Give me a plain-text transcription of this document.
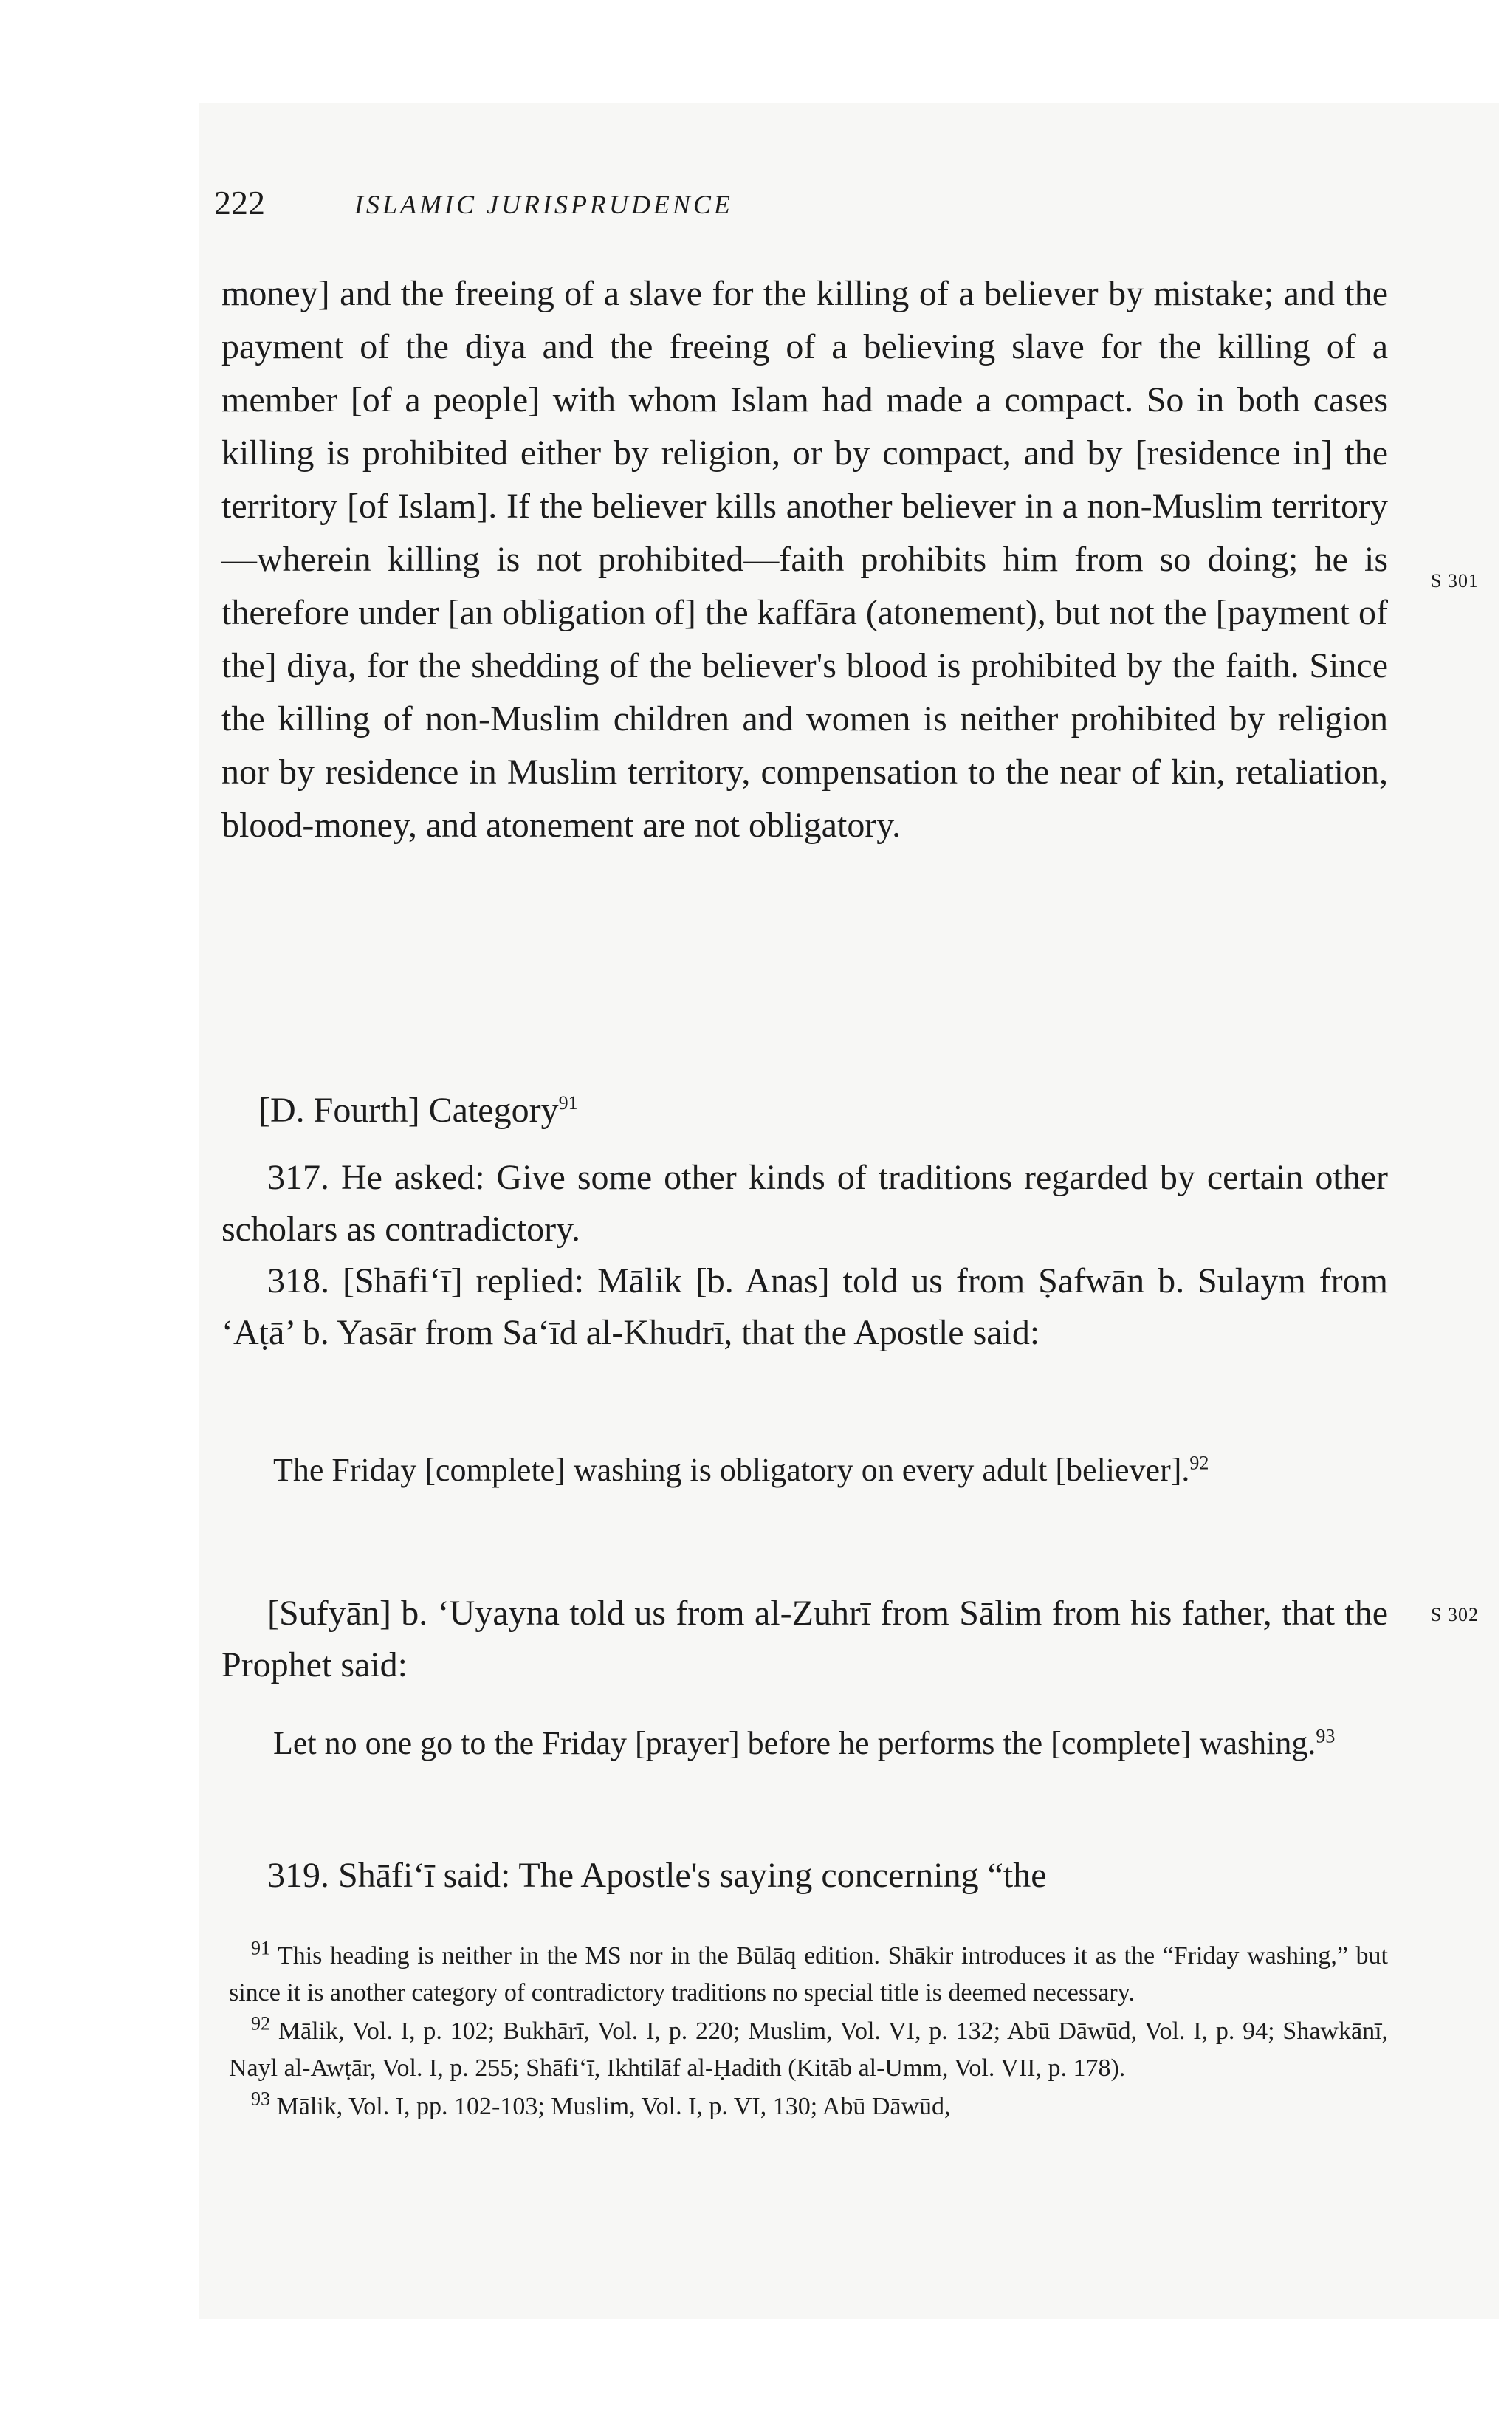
222	ISLAMIC JURISPRUDENCE

money] and the freeing of a slave for the killing of a believer by mistake; and the payment of the diya and the freeing of a believing slave for the killing of a member [of a people] with whom Islam had made a compact. So in both cases killing is prohibited either by religion, or by compact, and by [residence in] the territory [of Islam]. If the believer kills another believer in a non-Muslim territory—wherein killing is not prohibited—faith prohibits him from so doing; he is therefore under [an obligation of] the kaffāra (atonement), but not the [payment of the] diya, for the shedding of the believer's blood is prohibited by the faith. Since the killing of non-Muslim children and women is neither prohibited by religion nor by residence in Muslim territory, compensation to the near of kin, retaliation, blood-money, and atonement are not obligatory.

S 301
[D. Fourth] Category$^{91}$
317. He asked: Give some other kinds of traditions regarded by certain other scholars as contradictory.
318. [Shāfi‘ī] replied: Mālik [b. Anas] told us from Ṣafwān b. Sulaym from ‘Aṭā’ b. Yasār from Sa‘īd al-Khudrī, that the Apostle said:
The Friday [complete] washing is obligatory on every adult [believer].$^{92}$
[Sufyān] b. ‘Uyayna told us from al-Zuhrī from Sālim from his father, that the Prophet said:
S 302
Let no one go to the Friday [prayer] before he performs the [complete] washing.$^{93}$
319. Shāfi‘ī said: The Apostle's saying concerning “the

$^{91}$ This heading is neither in the MS nor in the Būlāq edition. Shākir introduces it as the “Friday washing,” but since it is another category of contradictory traditions no special title is deemed necessary.

$^{92}$ Mālik, Vol. I, p. 102; Bukhārī, Vol. I, p. 220; Muslim, Vol. VI, p. 132; Abū Dāwūd, Vol. I, p. 94; Shawkānī, Nayl al-Awṭār, Vol. I, p. 255; Shāfi‘ī, Ikhtilāf al-Ḥadith (Kitāb al-Umm, Vol. VII, p. 178).

$^{93}$ Mālik, Vol. I, pp. 102-103; Muslim, Vol. I, p. VI, 130; Abū Dāwūd,
